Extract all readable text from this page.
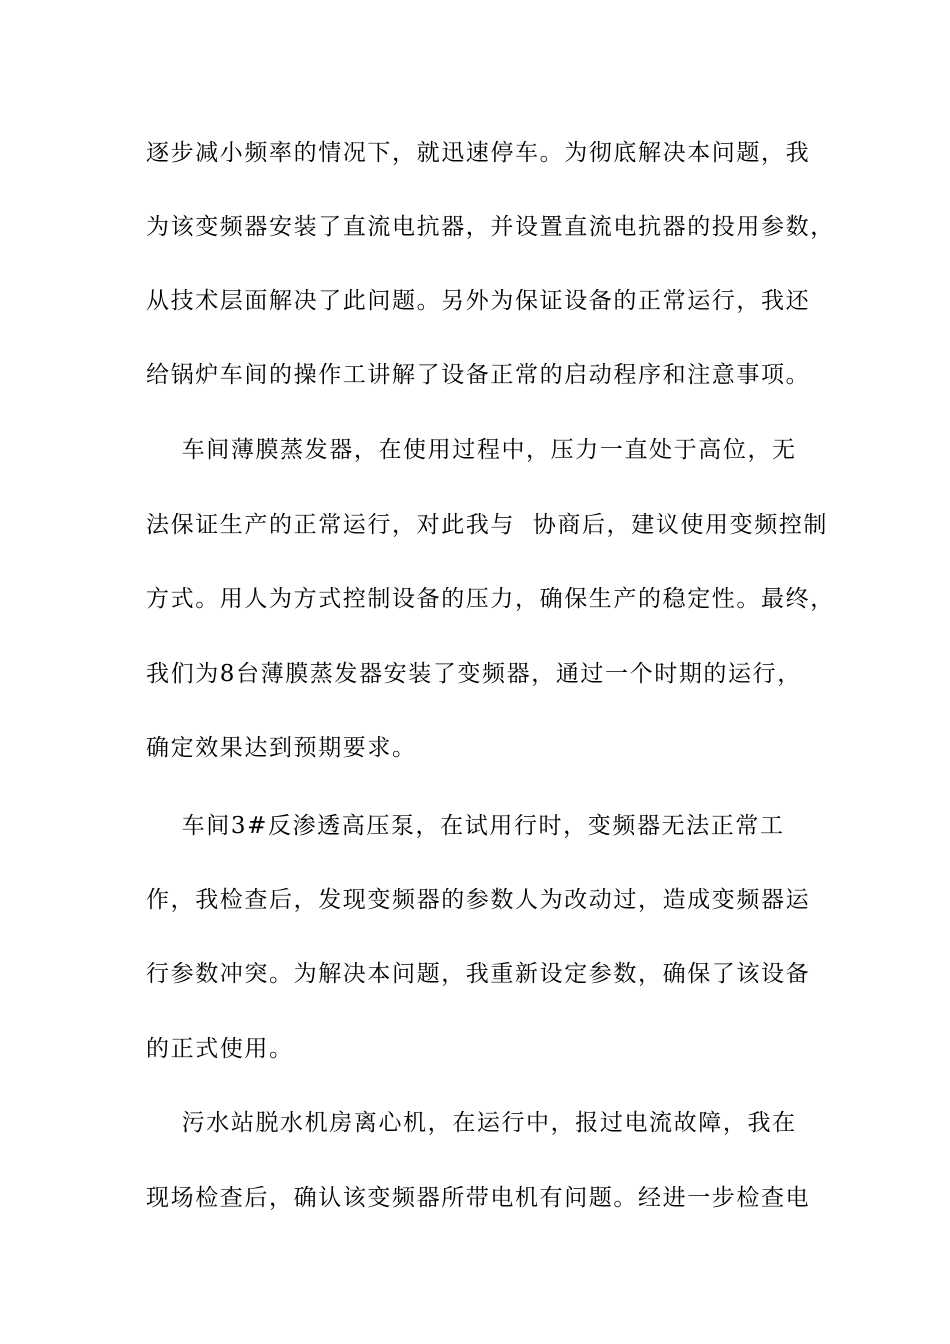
逐步减小频率的情况下，就迅速停车。为彻底解决本问题，我
为该变频器安装了直流电抗器，并设置直流电抗器的投用参数，
从技术层面解决了此问题。另外为保证设备的正常运行，我还
给锅炉车间的操作工讲解了设备正常的启动程序和注意事项。
车间薄膜蒸发器，在使用过程中，压力一直处于高位，无
法保证生产的正常运行，对此我与  协商后，建议使用变频控制
方式。用人为方式控制设备的压力，确保生产的稳定性。最终，
我们为8台薄膜蒸发器安装了变频器，通过一个时期的运行，
确定效果达到预期要求。
车间3#反渗透高压泵，在试用行时，变频器无法正常工
作，我检查后，发现变频器的参数人为改动过，造成变频器运
行参数冲突。为解决本问题，我重新设定参数，确保了该设备
的正式使用。
污水站脱水机房离心机，在运行中，报过电流故障，我在
现场检查后，确认该变频器所带电机有问题。经进一步检查电
